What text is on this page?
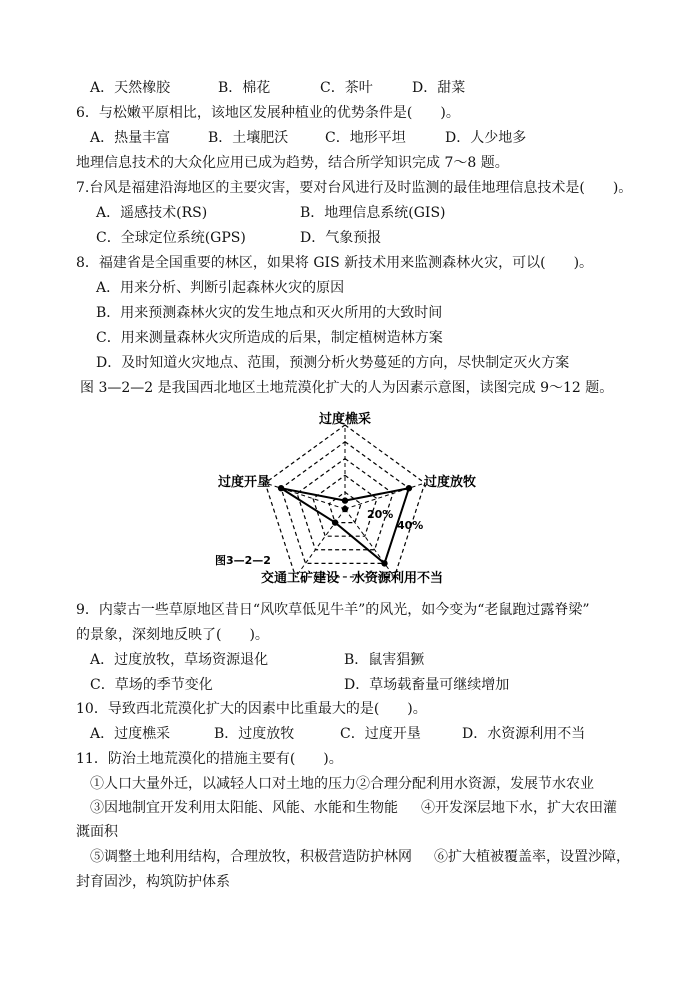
A．天然橡胶	B．棉花	C．茶叶	D．甜菜
6．与松嫩平原相比，该地区发展种植业的优势条件是(　　)。
A．热量丰富	B．土壤肥沃	C．地形平坦	D．人少地多
地理信息技术的大众化应用已成为趋势，结合所学知识完成 7～8 题。
7.台风是福建沿海地区的主要灾害，要对台风进行及时监测的最佳地理信息技术是(　　)。
A．遥感技术(RS)	B．地理信息系统(GIS)
C．全球定位系统(GPS)	D．气象预报
8．福建省是全国重要的林区，如果将 GIS 新技术用来监测森林火灾，可以(　　)。
A．用来分析、判断引起森林火灾的原因
B．用来预测森林火灾的发生地点和灭火所用的大致时间
C．用来测量森林火灾所造成的后果，制定植树造林方案
D．及时知道火灾地点、范围，预测分析火势蔓延的方向，尽快制定灭火方案
图 3—2—2 是我国西北地区土地荒漠化扩大的人为因素示意图，读图完成 9～12 题。
过度樵采
过度放牧
水资源利用不当
交通工矿建设
过度开垦
20%
40%
图3—2—2
9．内蒙古一些草原地区昔日“风吹草低见牛羊”的风光，如今变为“老鼠跑过露脊梁”
的景象，深刻地反映了(　　)。
A．过度放牧，草场资源退化	B．鼠害猖獗
C．草场的季节变化	D．草场载畜量可继续增加
10．导致西北荒漠化扩大的因素中比重最大的是(　　)。
A．过度樵采	B．过度放牧	C．过度开垦	D．水资源利用不当
11．防治土地荒漠化的措施主要有(　　)。
①人口大量外迁，以减轻人口对土地的压力 ②合理分配利用水资源，发展节水农业
③因地制宜开发利用太阳能、风能、水能和生物能 ④开发深层地下水，扩大农田灌
溉面积
⑤调整土地利用结构，合理放牧，积极营造防护林网 ⑥扩大植被覆盖率，设置沙障，
封育固沙，构筑防护体系
